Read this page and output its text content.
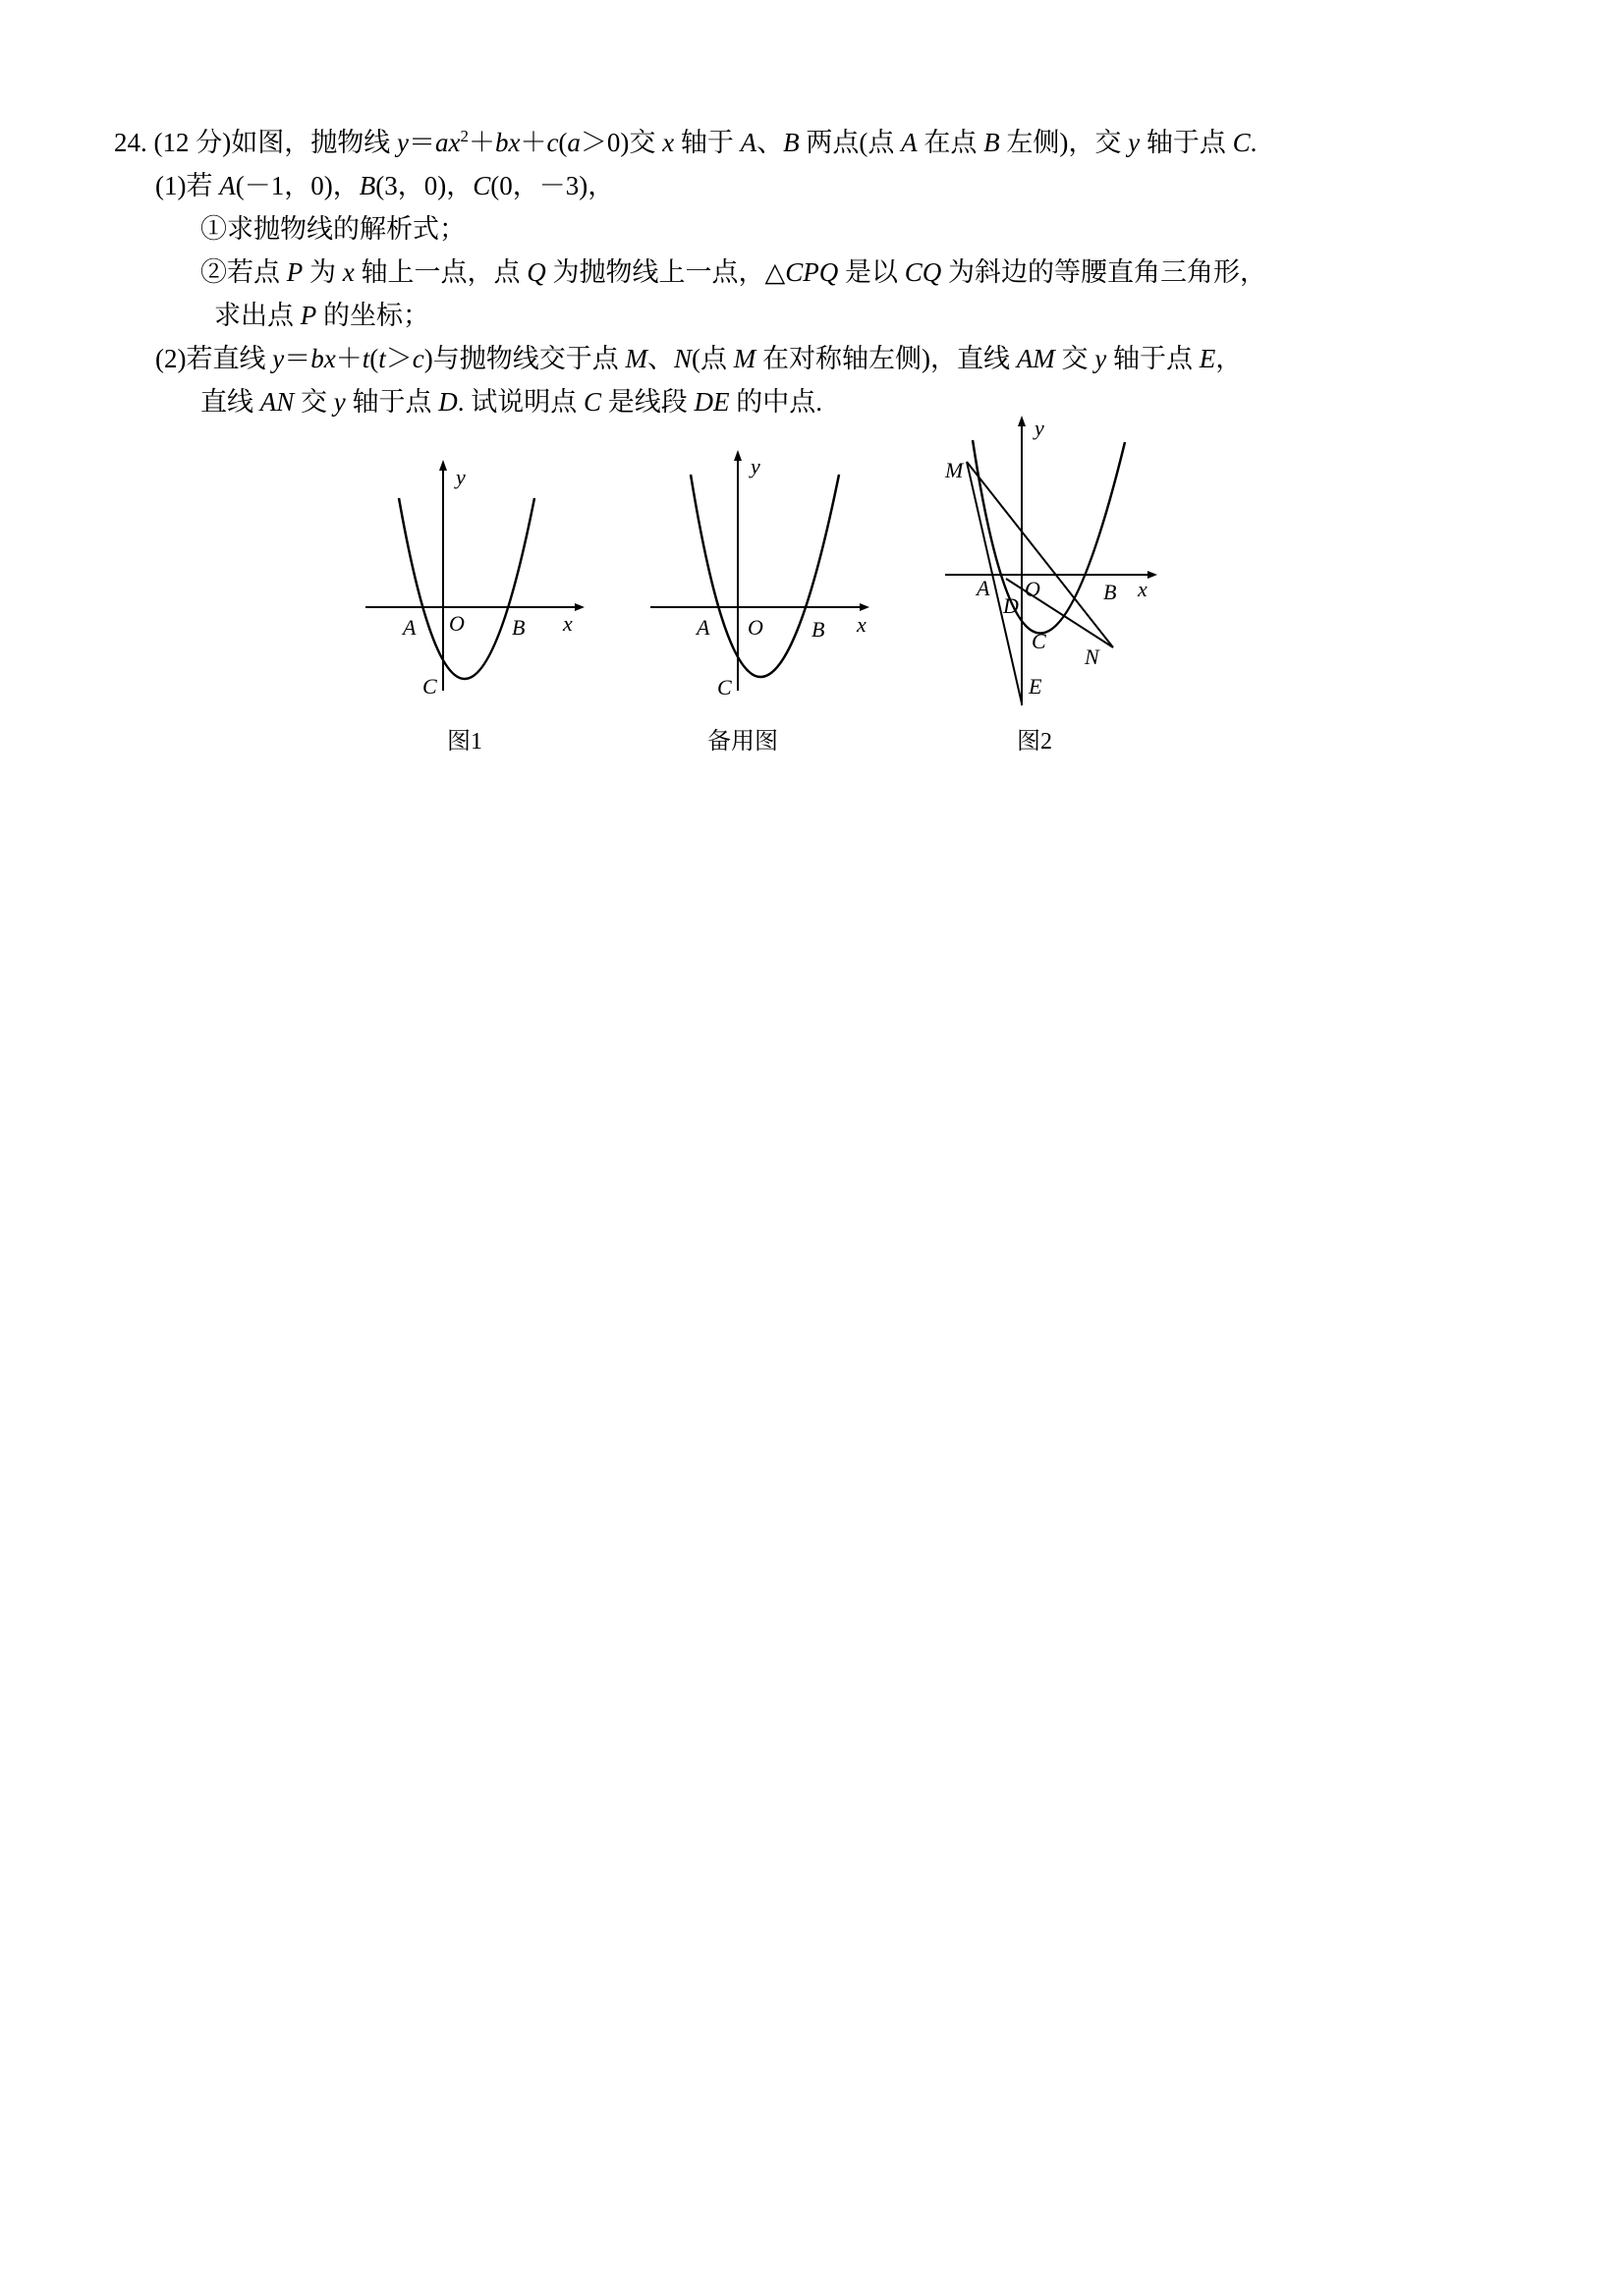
24. (12 分)如图，抛物线 $y=ax^2+bx+c(a>0)$交 x 轴于 A、B 两点(点 A 在点 B 左侧)，交 y 轴于点 C.
(1)若 A(－1，0)，B(3，0)，C(0，－3)，
①求抛物线的解析式；
②若点 P 为 x 轴上一点，点 Q 为抛物线上一点，△CPQ 是以 CQ 为斜边的等腰直角三角形，
求出点 P 的坐标；
(2)若直线 y＝bx＋t(t＞c)与抛物线交于点 M、N(点 M 在对称轴左侧)，直线 AM 交 y 轴于点 E，
直线 AN 交 y 轴于点 D. 试说明点 C 是线段 DE 的中点.
y
x
A O B
C
图1
y
x
A O B
C
备用图
y
x
M
A
D
O	B
C
N
E
图2
